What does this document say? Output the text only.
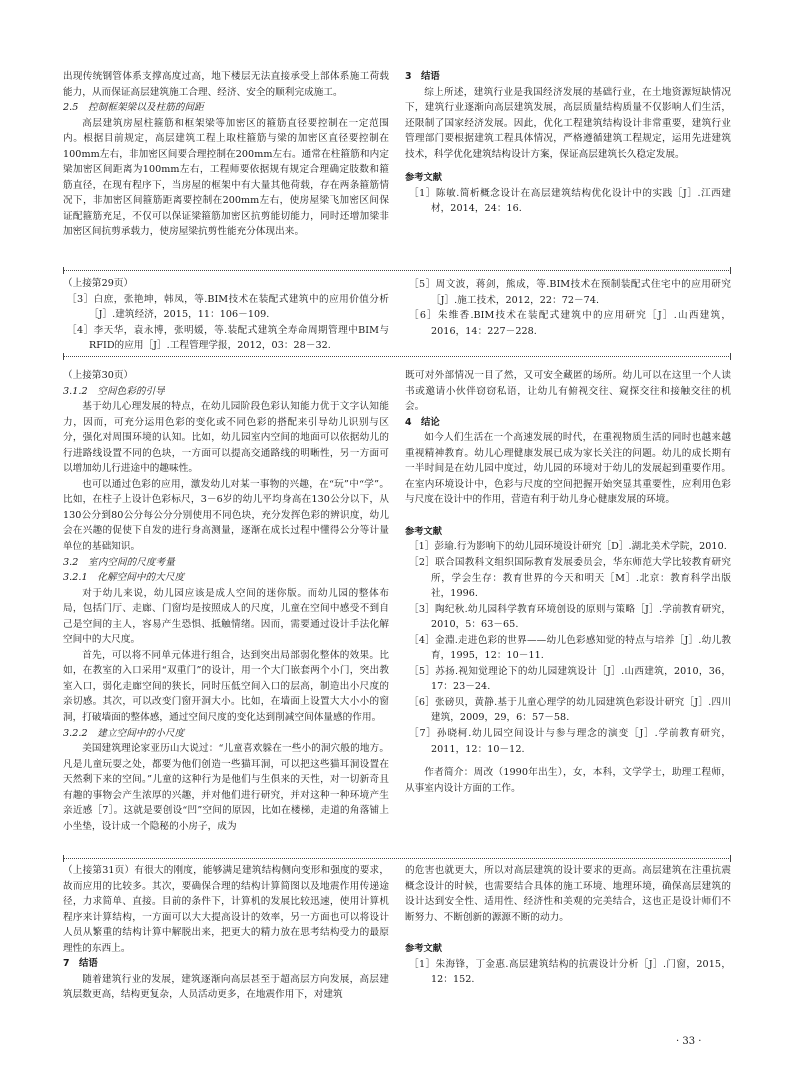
出现传统钢管体系支撑高度过高，地下楼层无法直接承受上部体系施工荷载能力，从而保证高层建筑施工合理、经济、安全的顺利完成施工。

2.5　控制框架梁以及柱筋的间距

高层建筑房屋柱箍筋和框架梁等加密区的箍筋直径要控制在一定范围内。根据目前规定，高层建筑工程上取柱箍筋与梁的加密区直径要控制在100mm左右，非加密区间要合理控制在200mm左右。通常在柱箍筋和内定梁加密区间距离为100mm左右，工程师要依据规有规定合理确定肢数和箍筋直径，在现有程序下，当房屋的框架中有大量其他荷载，存在两条箍筋情况下，非加密区间箍筋距离要控制在200mm左右，使房屋梁飞加密区间保证配箍筋充足，不仅可以保证梁箍筋加密区抗剪能切能力，同时还增加梁非加密区间抗剪承载力，使房屋梁抗剪性能充分体现出来。

3　结语

综上所述，建筑行业是我国经济发展的基础行业，在土地资源短缺情况下，建筑行业逐渐向高层建筑发展，高层质量结构质量不仅影响人们生活，还限制了国家经济发展。因此，优化工程建筑结构设计非常重要，建筑行业管理部门要根据建筑工程具体情况，严格遵循建筑工程规定，运用先进建筑技术，科学优化建筑结构设计方案，保证高层建筑长久稳定发展。

参考文献

［1］陈敏.简析概念设计在高层建筑结构优化设计中的实践［J］.江西建材，2014，24：16.

（上接第29页）

［3］白庶，张艳坤，韩凤，等.BIM技术在装配式建筑中的应用价值分析［J］.建筑经济，2015，11：106－109.

［4］李天华，袁永博，张明媛，等.装配式建筑全寿命周期管理中BIM与RFID的应用［J］.工程管理学报，2012，03：28－32.

［5］周文波，蒋剑，熊成，等.BIM技术在预制装配式住宅中的应用研究［J］.施工技术，2012，22：72－74.

［6］朱维香.BIM技术在装配式建筑中的应用研究［J］.山西建筑，2016，14：227－228.

（上接第30页）

3.1.2　空间色彩的引导

基于幼儿心理发展的特点，在幼儿园阶段色彩认知能力优于文字认知能力，因而，可充分运用色彩的变化或不同色彩的搭配来引导幼儿识别与区分，强化对周围环境的认知。比如，幼儿园室内空间的地面可以依据幼儿的行进路线设置不同的色块，一方面可以提高交通路线的明晰性，另一方面可以增加幼儿行进途中的趣味性。

也可以通过色彩的应用，激发幼儿对某一事物的兴趣，在“玩”中“学”。比如，在柱子上设计色彩标尺，3－6岁的幼儿平均身高在130公分以下，从130公分到80公分每公分分别使用不同色块，充分发挥色彩的辨识度，幼儿会在兴趣的促使下自发的进行身高测量，逐渐在成长过程中懂得公分等计量单位的基础知识。

3.2　室内空间的尺度考量

3.2.1　化解空间中的大尺度

对于幼儿来说，幼儿园应该是成人空间的迷你版。而幼儿园的整体布局，包括门厅、走廊、门窗均是按照成人的尺度，儿童在空间中感受不到自己是空间的主人，容易产生恐惧、抵触情绪。因而，需要通过设计手法化解空间中的大尺度。

首先，可以将不同单元体进行组合，达到突出局部弱化整体的效果。比如，在教室的入口采用“双重门”的设计，用一个大门嵌套两个小门，突出教室入口，弱化走廊空间的狭长，同时压低空间入口的层高，制造出小尺度的亲切感。其次，可以改变门窗开洞大小。比如，在墙面上设置大大小小的窗洞，打破墙面的整体感，通过空间尺度的变化达到削减空间体量感的作用。

3.2.2　建立空间中的小尺度

美国建筑理论家亚历山大说过：“儿童喜欢躲在一些小的洞穴般的地方。凡是儿童玩耍之处，都要为他们创造一些猫耳洞，可以把这些猫耳洞设置在天然剩下来的空间。”儿童的这种行为是他们与生俱来的天性，对一切新奇且有趣的事物会产生浓厚的兴趣，并对他们进行研究，并对这种一种环境产生亲近感［7］。这就是要创设“凹”空间的原因，比如在楼梯，走道的角落铺上小坐垫，设计成一个隐秘的小房子，成为

既可对外部情况一目了然，又可安全藏匿的场所。幼儿可以在这里一个人读书或邀请小伙伴窃窃私语，让幼儿有俯视交往、窥探交往和接触交往的机会。

4　结论

如今人们生活在一个高速发展的时代，在重视物质生活的同时也越来越重视精神教育。幼儿心理健康发展已成为家长关注的问题。幼儿的成长期有一半时间是在幼儿园中度过，幼儿园的环境对于幼儿的发展起到重要作用。在室内环境设计中，色彩与尺度的空间把握开始突显其重要性，应利用色彩与尺度在设计中的作用，营造有利于幼儿身心健康发展的环境。

参考文献

［1］彭瑜.行为影响下的幼儿园环境设计研究［D］.湖北美术学院，2010.

［2］联合国教科文组织国际教育发展委员会，华东师范大学比较教育研究所，学会生存：教育世界的今天和明天［M］.北京：教育科学出版社，1996.

［3］陶纪秋.幼儿园科学教育环境创设的原则与策略［J］.学前教育研究，2010，5：63－65.

［4］金淵.走进色彩的世界——幼儿色彩感知觉的特点与培养［J］.幼儿教育，1995，12：10－11.

［5］苏扬.视知觉理论下的幼儿园建筑设计［J］.山西建筑，2010，36，17：23－24.

［6］张磅贝，黄静.基于儿童心理学的幼儿园建筑色彩设计研究［J］.四川建筑，2009，29，6：57－58.

［7］孙晓柯.幼儿园空间设计与参与理念的演变［J］.学前教育研究，2011，12：10－12.

作者简介：周改（1990年出生），女，本科，文学学士，助理工程师，从事室内设计方面的工作。

（上接第31页）有很大的刚度，能够满足建筑结构侧向变形和强度的要求，故而应用的比较多。其次，要确保合理的结构计算简图以及地震作用传递途径，力求简单、直接。目前的条件下，计算机的发展比较迅速，使用计算机程序来计算结构，一方面可以大大提高设计的效率，另一方面也可以将设计人员从繁重的结构计算中解脱出来，把更大的精力放在思考结构受力的最原理性的东西上。

7　结语

随着建筑行业的发展，建筑逐渐向高层甚至于超高层方向发展，高层建筑层数更高，结构更复杂，人员活动更多，在地震作用下，对建筑

的危害也就更大，所以对高层建筑的设计要求的更高。高层建筑在注重抗震概念设计的时候，也需要结合具体的施工环境、地理环境，确保高层建筑的设计达到安全性、适用性、经济性和美观的完美结合，这也正是设计师们不断努力、不断创新的源源不断的动力。

参考文献

［1］朱海锋，丁金惠.高层建筑结构的抗震设计分析［J］.门窗，2015，12：152.

· 33 ·
